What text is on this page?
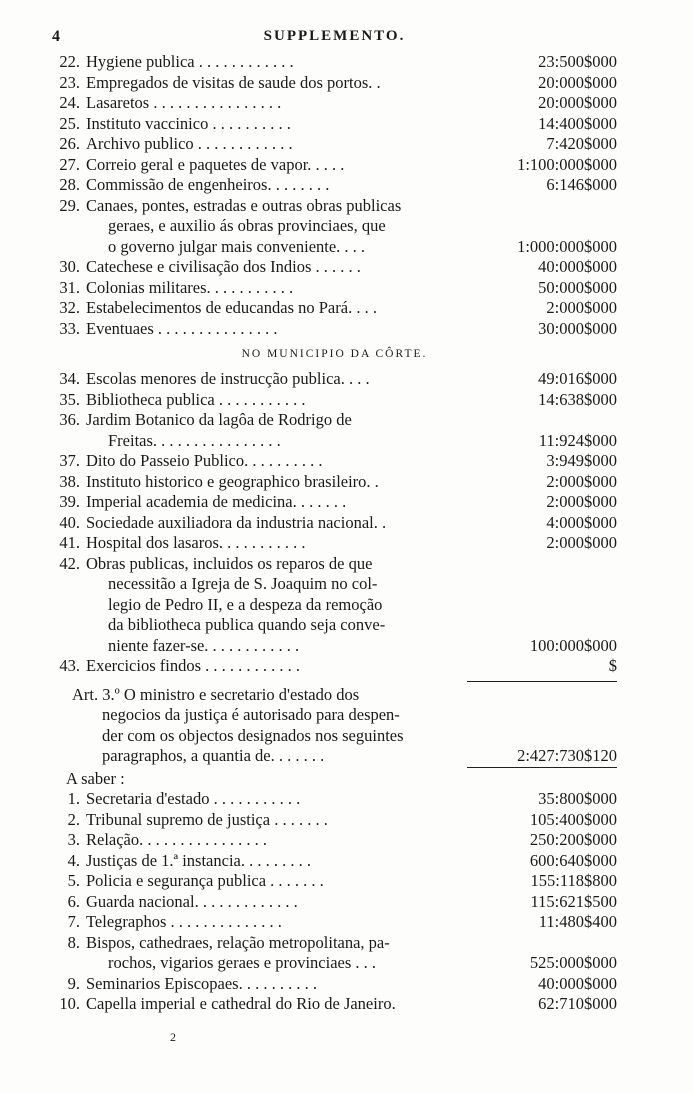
4	SUPPLEMENTO.
22. Hygiene publica . . . . . . . . . . . .	23:500$000
23. Empregados de visitas de saude dos portos. .	20:000$000
24. Lasaretos . . . . . . . . . . . . . . . .	20:000$000
25. Instituto vaccinico . . . . . . . . . .	14:400$000
26. Archivo publico . . . . . . . . . . . .	7:420$000
27. Correio geral e paquetes de vapor. . . . .	1:100:000$000
28. Commissão de engenheiros. . . . . . . .	6:146$000
29. Canaes, pontes, estradas e outras obras publicas
geraes, e auxilio ás obras provinciaes, que
o governo julgar mais conveniente. . . .	1:000:000$000
30. Catechese e civilisação dos Indios . . . . . .	40:000$000
31. Colonias militares. . . . . . . . . . .	50:000$000
32. Estabelecimentos de educandas no Pará. . . .	2:000$000
33. Eventuaes . . . . . . . . . . . . . . .	30:000$000
NO MUNICIPIO DA CÔRTE.
34. Escolas menores de instrucção publica. . . .	49:016$000
35. Bibliotheca publica . . . . . . . . . . .	14:638$000
36. Jardim Botanico da lagôa de Rodrigo de
Freitas. . . . . . . . . . . . . . . .	11:924$000
37. Dito do Passeio Publico. . . . . . . . . .	3:949$000
38. Instituto historico e geographico brasileiro. .	2:000$000
39. Imperial academia de medicina. . . . . . .	2:000$000
40. Sociedade auxiliadora da industria nacional. .	4:000$000
41. Hospital dos lasaros. . . . . . . . . . .	2:000$000
42. Obras publicas, incluidos os reparos de que
necessitão a Igreja de S. Joaquim no col-
legio de Pedro II, e a despeza da remoção
da bibliotheca publica quando seja conve-
niente fazer-se. . . . . . . . . . . .	100:000$000
43. Exercicios findos . . . . . . . . . . . .	$
Art. 3.º O ministro e secretario d'estado dos
negocios da justiça é autorisado para despen-
der com os objectos designados nos seguintes
paragraphos, a quantia de. . . . . . .	2:427:730$120
A saber :
1. Secretaria d'estado . . . . . . . . . . .	35:800$000
2. Tribunal supremo de justiça . . . . . . .	105:400$000
3. Relação. . . . . . . . . . . . . . . .	250:200$000
4. Justiças de 1.ª instancia. . . . . . . . .	600:640$000
5. Policia e segurança publica . . . . . . .	155:118$800
6. Guarda nacional. . . . . . . . . . . . .	115:621$500
7. Telegraphos . . . . . . . . . . . . . .	11:480$400
8. Bispos, cathedraes, relação metropolitana, pa-
rochos, vigarios geraes e provinciaes . . .	525:000$000
9. Seminarios Episcopaes. . . . . . . . . .	40:000$000
10. Capella imperial e cathedral do Rio de Janeiro.	62:710$000
2
